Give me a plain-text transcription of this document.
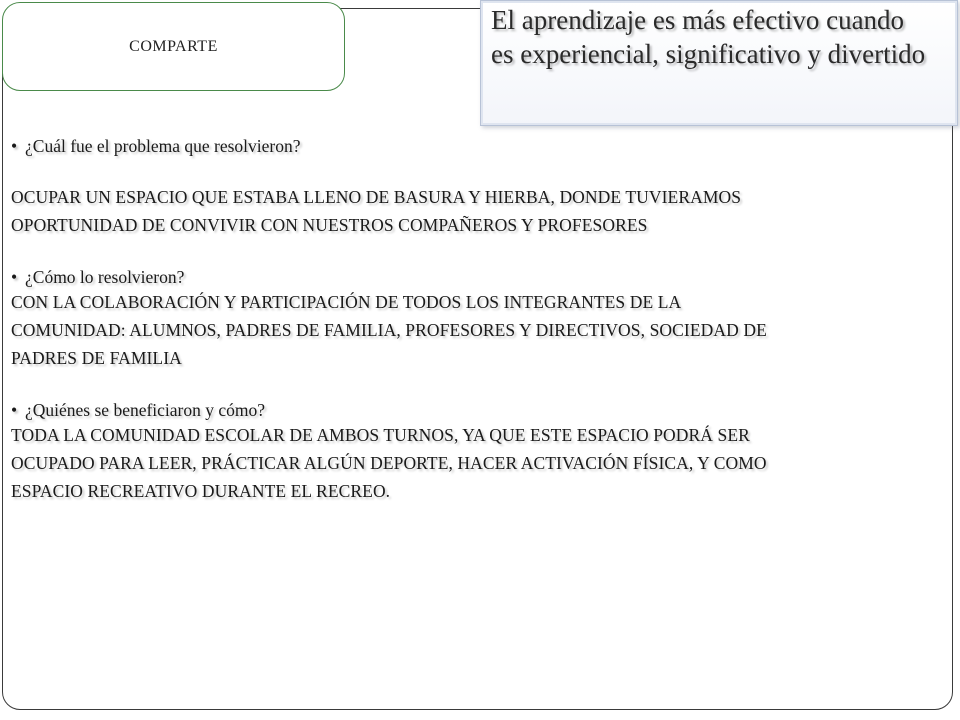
COMPARTE
El aprendizaje es más efectivo cuando
es experiencial, significativo y divertido

• ¿Cuál fue el problema que resolvieron?

OCUPAR UN ESPACIO QUE ESTABA LLENO DE BASURA Y HIERBA, DONDE TUVIERAMOS
OPORTUNIDAD DE CONVIVIR CON NUESTROS COMPAÑEROS Y PROFESORES

• ¿Cómo lo resolvieron?

CON LA COLABORACIÓN Y PARTICIPACIÓN DE TODOS LOS INTEGRANTES DE LA
COMUNIDAD: ALUMNOS, PADRES DE FAMILIA, PROFESORES Y DIRECTIVOS, SOCIEDAD DE
PADRES DE FAMILIA

• ¿Quiénes se beneficiaron y cómo?

TODA LA COMUNIDAD ESCOLAR DE AMBOS TURNOS, YA QUE ESTE ESPACIO PODRÁ SER
OCUPADO PARA LEER, PRÁCTICAR ALGÚN DEPORTE, HACER ACTIVACIÓN FÍSICA, Y COMO
ESPACIO RECREATIVO DURANTE EL RECREO.
